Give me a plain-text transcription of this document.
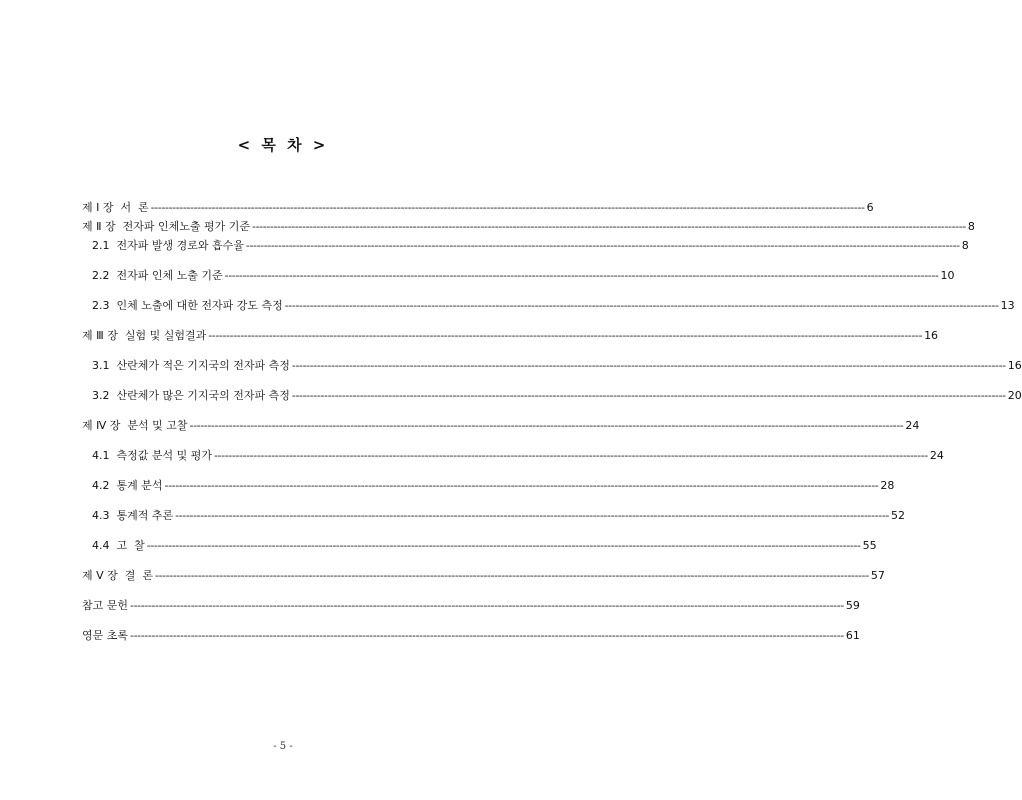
< 목 차 >
제 Ⅰ 장  서  론 -------------------------------------------------------------------------------------------------------------------------------------------------------------------------------------------------------- 6
제 Ⅱ 장  전자파 인체노출 평가 기준 -------------------------------------------------------------------------------------------------------------------------------------------------------------------------------------------------------- 8
2.1  전자파 발생 경로와 흡수율 -------------------------------------------------------------------------------------------------------------------------------------------------------------------------------------------------------- 8
2.2  전자파 인체 노출 기준 -------------------------------------------------------------------------------------------------------------------------------------------------------------------------------------------------------- 10
2.3  인체 노출에 대한 전자파 강도 측정 -------------------------------------------------------------------------------------------------------------------------------------------------------------------------------------------------------- 13
제 Ⅲ 장  실험 및 실험결과 -------------------------------------------------------------------------------------------------------------------------------------------------------------------------------------------------------- 16
3.1  산란체가 적은 기지국의 전자파 측정 -------------------------------------------------------------------------------------------------------------------------------------------------------------------------------------------------------- 16
3.2  산란체가 많은 기지국의 전자파 측정 -------------------------------------------------------------------------------------------------------------------------------------------------------------------------------------------------------- 20
제 Ⅳ 장  분석 및 고찰 -------------------------------------------------------------------------------------------------------------------------------------------------------------------------------------------------------- 24
4.1  측정값 분석 및 평가 -------------------------------------------------------------------------------------------------------------------------------------------------------------------------------------------------------- 24
4.2  통계 분석 -------------------------------------------------------------------------------------------------------------------------------------------------------------------------------------------------------- 28
4.3  통계적 추론 -------------------------------------------------------------------------------------------------------------------------------------------------------------------------------------------------------- 52
4.4  고  찰 -------------------------------------------------------------------------------------------------------------------------------------------------------------------------------------------------------- 55
제 Ⅴ 장  결  론 -------------------------------------------------------------------------------------------------------------------------------------------------------------------------------------------------------- 57
참고 문헌 -------------------------------------------------------------------------------------------------------------------------------------------------------------------------------------------------------- 59
영문 초록 -------------------------------------------------------------------------------------------------------------------------------------------------------------------------------------------------------- 61
- 5 -
